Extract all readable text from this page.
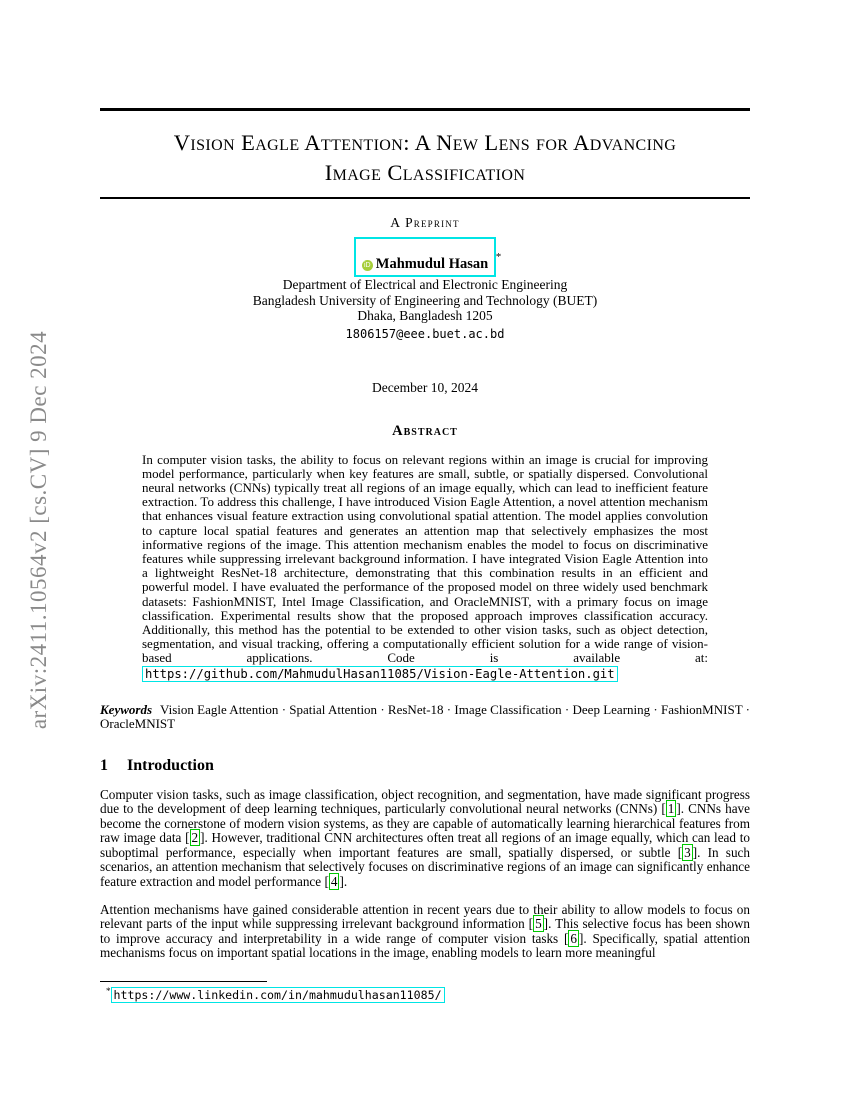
arXiv:2411.10564v2 [cs.CV] 9 Dec 2024
Vision Eagle Attention: A New Lens for Advancing
Image Classification
A Preprint
iD Mahmudul Hasan *
Department of Electrical and Electronic Engineering
Bangladesh University of Engineering and Technology (BUET)
Dhaka, Bangladesh 1205
1806157@eee.buet.ac.bd
December 10, 2024
Abstract
In computer vision tasks, the ability to focus on relevant regions within an image is crucial for improving model performance, particularly when key features are small, subtle, or spatially dispersed. Convolutional neural networks (CNNs) typically treat all regions of an image equally, which can lead to inefficient feature extraction. To address this challenge, I have introduced Vision Eagle Attention, a novel attention mechanism that enhances visual feature extraction using convolutional spatial attention. The model applies convolution to capture local spatial features and generates an attention map that selectively emphasizes the most informative regions of the image. This attention mechanism enables the model to focus on discriminative features while suppressing irrelevant background information. I have integrated Vision Eagle Attention into a lightweight ResNet-18 architecture, demonstrating that this combination results in an efficient and powerful model. I have evaluated the performance of the proposed model on three widely used benchmark datasets: FashionMNIST, Intel Image Classification, and OracleMNIST, with a primary focus on image classification. Experimental results show that the proposed approach improves classification accuracy. Additionally, this method has the potential to be extended to other vision tasks, such as object detection, segmentation, and visual tracking, offering a computationally efficient solution for a wide range of vision-based applications. Code is available at: https://github.com/MahmudulHasan11085/Vision-Eagle-Attention.git
Keywords Vision Eagle Attention · Spatial Attention · ResNet-18 · Image Classification · Deep Learning · FashionMNIST · OracleMNIST
1 Introduction
Computer vision tasks, such as image classification, object recognition, and segmentation, have made significant progress due to the development of deep learning techniques, particularly convolutional neural networks (CNNs) [ 1 ]. CNNs have become the cornerstone of modern vision systems, as they are capable of automatically learning hierarchical features from raw image data [ 2 ]. However, traditional CNN architectures often treat all regions of an image equally, which can lead to suboptimal performance, especially when important features are small, spatially dispersed, or subtle [ 3 ]. In such scenarios, an attention mechanism that selectively focuses on discriminative regions of an image can significantly enhance feature extraction and model performance [ 4 ].
Attention mechanisms have gained considerable attention in recent years due to their ability to allow models to focus on relevant parts of the input while suppressing irrelevant background information [ 5 ]. This selective focus has been shown to improve accuracy and interpretability in a wide range of computer vision tasks [ 6 ]. Specifically, spatial attention mechanisms focus on important spatial locations in the image, enabling models to learn more meaningful
* https://www.linkedin.com/in/mahmudulhasan11085/
